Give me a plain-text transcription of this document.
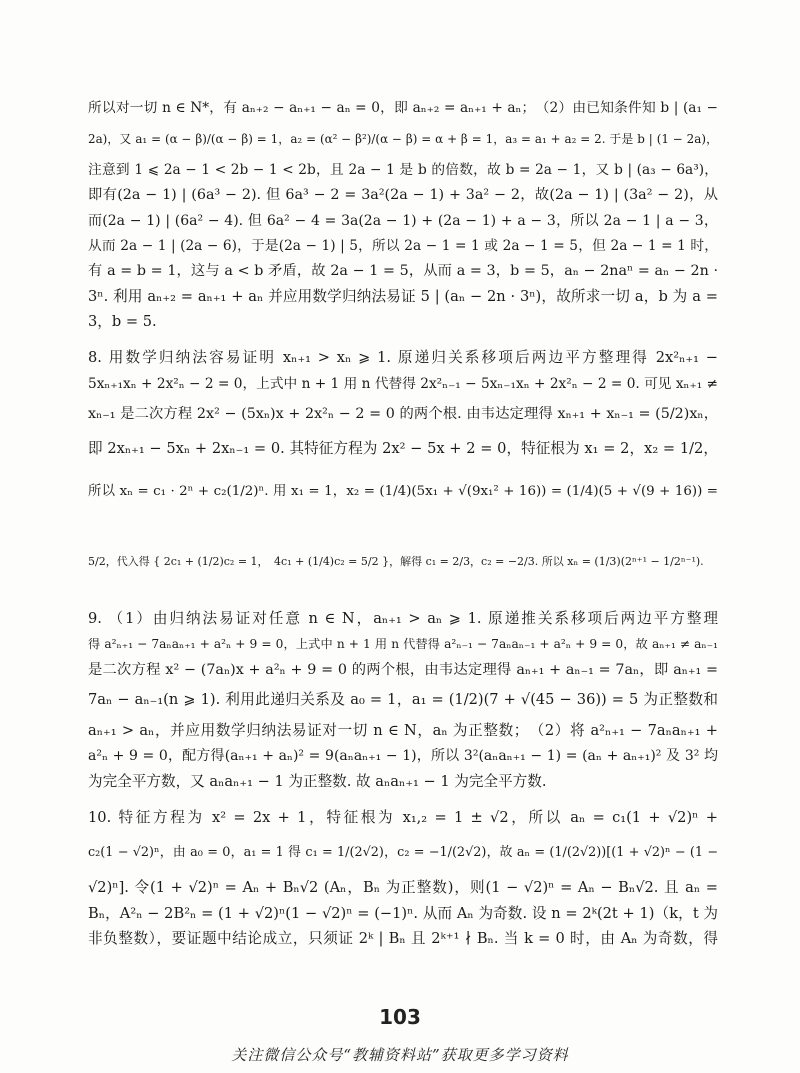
所以对一切 n ∈ N*，有 aₙ₊₂ − aₙ₊₁ − aₙ = 0，即 aₙ₊₂ = aₙ₊₁ + aₙ；　（2）由已知条件知 b | (a₁ −
2a)，又 a₁ = (α − β)/(α − β) = 1，a₂ = (α² − β²)/(α − β) = α + β = 1，a₃ = a₁ + a₂ = 2. 于是 b | (1 − 2a)，
注意到 1 ⩽ 2a − 1 < 2b − 1 < 2b，且 2a − 1 是 b 的倍数，故 b = 2a − 1，又 b | (a₃ − 6a³)，
即有(2a − 1) | (6a³ − 2). 但 6a³ − 2 = 3a²(2a − 1) + 3a² − 2，故(2a − 1) | (3a² − 2)，从
而(2a − 1) | (6a² − 4). 但 6a² − 4 = 3a(2a − 1) + (2a − 1) + a − 3，所以 2a − 1 | a − 3，
从而 2a − 1 | (2a − 6)，于是(2a − 1) | 5，所以 2a − 1 = 1 或 2a − 1 = 5，但 2a − 1 = 1 时，
有 a = b = 1，这与 a < b 矛盾，故 2a − 1 = 5，从而 a = 3，b = 5，aₙ − 2naⁿ = aₙ − 2n ·
3ⁿ. 利用 aₙ₊₂ = aₙ₊₁ + aₙ 并应用数学归纳法易证 5 | (aₙ − 2n · 3ⁿ)，故所求一切 a，b 为 a =
3，b = 5.
8. 用数学归纳法容易证明 xₙ₊₁ > xₙ ⩾ 1. 原递归关系移项后两边平方整理得 2x²ₙ₊₁ −
5xₙ₊₁xₙ + 2x²ₙ − 2 = 0，上式中 n + 1 用 n 代替得 2x²ₙ₋₁ − 5xₙ₋₁xₙ + 2x²ₙ − 2 = 0. 可见 xₙ₊₁ ≠
xₙ₋₁ 是二次方程 2x² − (5xₙ)x + 2x²ₙ − 2 = 0 的两个根. 由韦达定理得 xₙ₊₁ + xₙ₋₁ = (5/2)xₙ，
即 2xₙ₊₁ − 5xₙ + 2xₙ₋₁ = 0. 其特征方程为 2x² − 5x + 2 = 0，特征根为 x₁ = 2，x₂ = 1/2，
所以 xₙ = c₁ · 2ⁿ + c₂(1/2)ⁿ. 用 x₁ = 1，x₂ = (1/4)(5x₁ + √(9x₁² + 16)) = (1/4)(5 + √(9 + 16)) =
5/2，代入得 { 2c₁ + (1/2)c₂ = 1，　4c₁ + (1/4)c₂ = 5/2 }，解得 c₁ = 2/3，c₂ = −2/3. 所以 xₙ = (1/3)(2ⁿ⁺¹ − 1/2ⁿ⁻¹).
9. （1）由归纳法易证对任意 n ∈ N，aₙ₊₁ > aₙ ⩾ 1. 原递推关系移项后两边平方整理
得 a²ₙ₊₁ − 7aₙaₙ₊₁ + a²ₙ + 9 = 0，上式中 n + 1 用 n 代替得 a²ₙ₋₁ − 7aₙaₙ₋₁ + a²ₙ + 9 = 0，故 aₙ₊₁ ≠ aₙ₋₁
是二次方程 x² − (7aₙ)x + a²ₙ + 9 = 0 的两个根，由韦达定理得 aₙ₊₁ + aₙ₋₁ = 7aₙ，即 aₙ₊₁ =
7aₙ − aₙ₋₁(n ⩾ 1). 利用此递归关系及 a₀ = 1，a₁ = (1/2)(7 + √(45 − 36)) = 5 为正整数和
aₙ₊₁ > aₙ，并应用数学归纳法易证对一切 n ∈ N，aₙ 为正整数；　（2）将 a²ₙ₊₁ − 7aₙaₙ₊₁ +
a²ₙ + 9 = 0，配方得(aₙ₊₁ + aₙ)² = 9(aₙaₙ₊₁ − 1)，所以 3²(aₙaₙ₊₁ − 1) = (aₙ + aₙ₊₁)² 及 3² 均
为完全平方数，又 aₙaₙ₊₁ − 1 为正整数. 故 aₙaₙ₊₁ − 1 为完全平方数.
10. 特征方程为 x² = 2x + 1，特征根为 x₁,₂ = 1 ± √2，所以 aₙ = c₁(1 + √2)ⁿ +
c₂(1 − √2)ⁿ，由 a₀ = 0，a₁ = 1 得 c₁ = 1/(2√2)，c₂ = −1/(2√2)，故 aₙ = (1/(2√2))[(1 + √2)ⁿ − (1 −
√2)ⁿ]. 令(1 + √2)ⁿ = Aₙ + Bₙ√2 (Aₙ，Bₙ 为正整数)，则(1 − √2)ⁿ = Aₙ − Bₙ√2. 且 aₙ =
Bₙ，A²ₙ − 2B²ₙ = (1 + √2)ⁿ(1 − √2)ⁿ = (−1)ⁿ. 从而 Aₙ 为奇数. 设 n = 2ᵏ(2t + 1)（k，t 为
非负整数），要证题中结论成立，只须证 2ᵏ | Bₙ 且 2ᵏ⁺¹ ∤ Bₙ. 当 k = 0 时，由 Aₙ 为奇数，得
103
关注微信公众号“教辅资料站”获取更多学习资料
